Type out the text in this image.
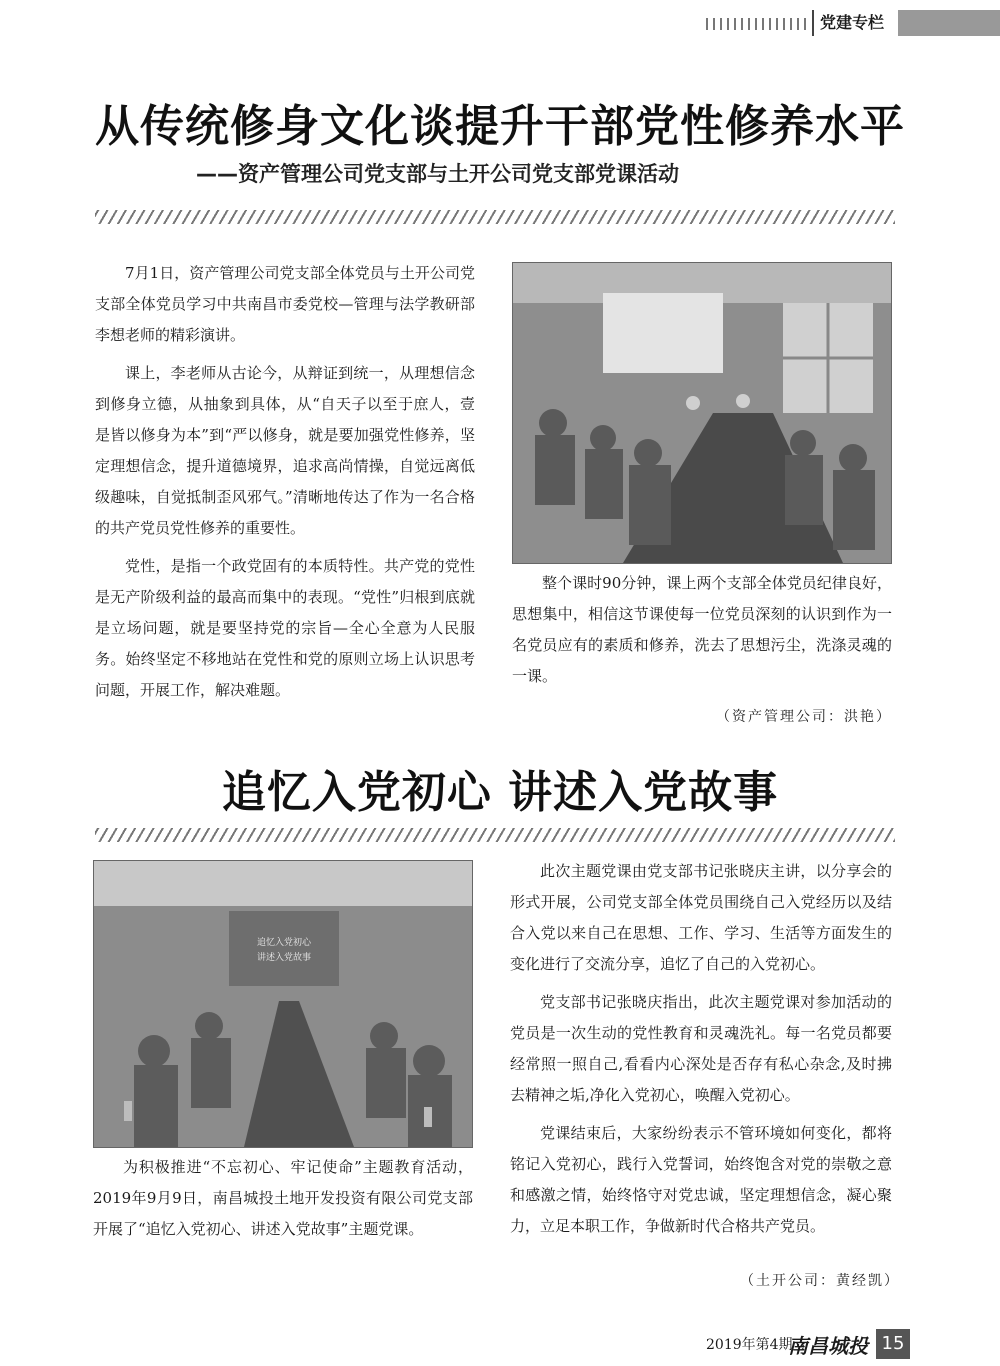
党建专栏
从传统修身文化谈提升干部党性修养水平
——资产管理公司党支部与土开公司党支部党课活动

7月1日，资产管理公司党支部全体党员与土开公司党支部全体党员学习中共南昌市委党校—管理与法学教研部李想老师的精彩演讲。

课上，李老师从古论今，从辩证到统一，从理想信念到修身立德，从抽象到具体，从“自天子以至于庶人，壹是皆以修身为本”到“严以修身，就是要加强党性修养，坚定理想信念，提升道德境界，追求高尚情操，自觉远离低级趣味，自觉抵制歪风邪气。”清晰地传达了作为一名合格的共产党员党性修养的重要性。

党性，是指一个政党固有的本质特性。共产党的党性是无产阶级利益的最高而集中的表现。“党性”归根到底就是立场问题，就是要坚持党的宗旨—全心全意为人民服务。始终坚定不移地站在党性和党的原则立场上认识思考问题，开展工作，解决难题。

整个课时90分钟，课上两个支部全体党员纪律良好，思想集中，相信这节课使每一位党员深刻的认识到作为一名党员应有的素质和修养，洗去了思想污尘，洗涤灵魂的一课。

（资产管理公司：洪艳）
追忆入党初心 讲述入党故事
追忆入党初心
讲述入党故事

为积极推进“不忘初心、牢记使命”主题教育活动，2019年9月9日，南昌城投土地开发投资有限公司党支部开展了“追忆入党初心、讲述入党故事”主题党课。

此次主题党课由党支部书记张晓庆主讲，以分享会的形式开展，公司党支部全体党员围绕自己入党经历以及结合入党以来自己在思想、工作、学习、生活等方面发生的变化进行了交流分享，追忆了自己的入党初心。

党支部书记张晓庆指出，此次主题党课对参加活动的党员是一次生动的党性教育和灵魂洗礼。每一名党员都要经常照一照自己,看看内心深处是否存有私心杂念,及时拂去精神之垢,净化入党初心，唤醒入党初心。

党课结束后，大家纷纷表示不管环境如何变化，都将铭记入党初心，践行入党誓词，始终饱含对党的崇敬之意和感激之情，始终恪守对党忠诚，坚定理想信念，凝心聚力，立足本职工作，争做新时代合格共产党员。

（土开公司：黄经凯）
2019年第4期
南昌城投 15
